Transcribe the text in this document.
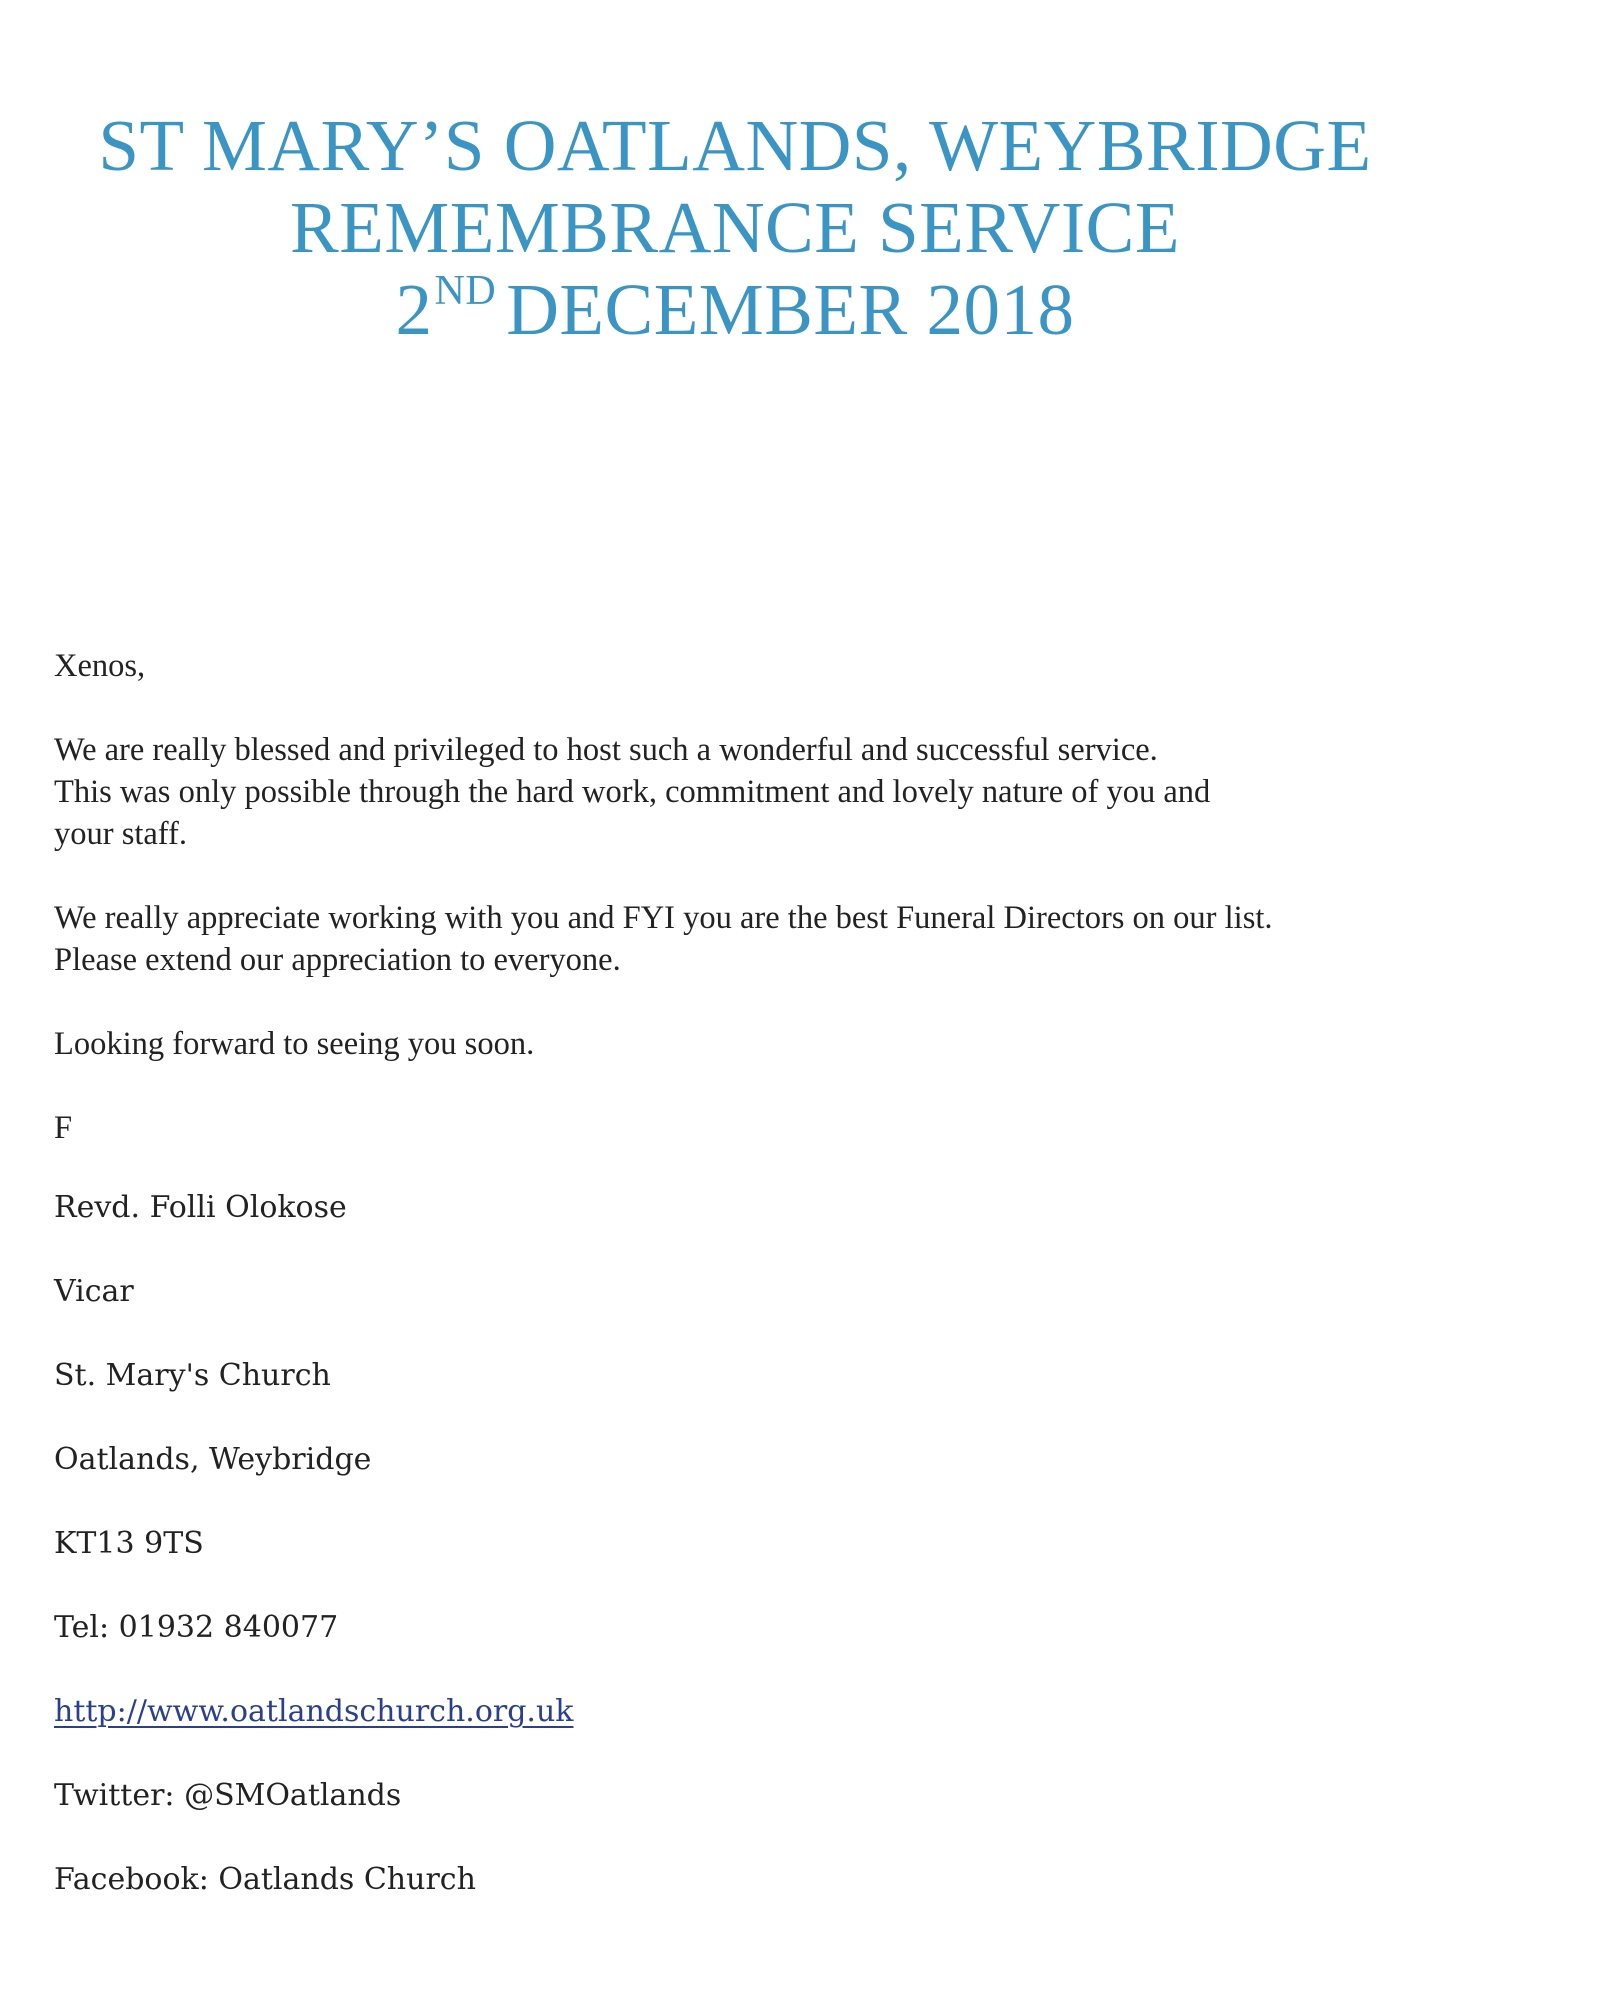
ST MARY’S OATLANDS, WEYBRIDGE
REMEMBRANCE SERVICE
2ND DECEMBER 2018
Xenos,
We are really blessed and privileged to host such a wonderful and successful service.
This was only possible through the hard work, commitment and lovely nature of you and
your staff.
We really appreciate working with you and FYI you are the best Funeral Directors on our list.
Please extend our appreciation to everyone.
Looking forward to seeing you soon.
F
Revd. Folli Olokose
Vicar
St. Mary's Church
Oatlands, Weybridge
KT13 9TS
Tel: 01932 840077
http://www.oatlandschurch.org.uk
Twitter: @SMOatlands
Facebook: Oatlands Church
